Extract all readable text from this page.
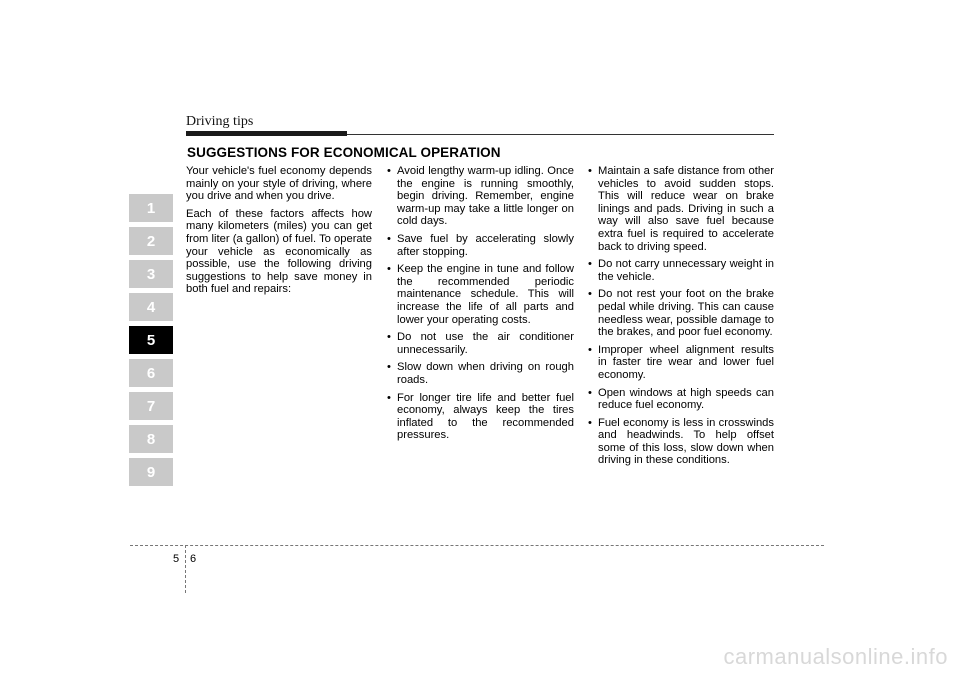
Driving tips
SUGGESTIONS FOR ECONOMICAL OPERATION
1
2
3
4
5
6
7
8
9

Your vehicle's fuel economy depends mainly on your style of driving, where you drive and when you drive.

Each of these factors affects how many kilometers (miles) you can get from liter (a gallon) of fuel. To operate your vehicle as economically as possible, use the following driving suggestions to help save money in both fuel and repairs:

• Avoid lengthy warm-up idling. Once the engine is running smoothly, begin driving. Remember, engine warm-up may take a little longer on cold days.
• Save fuel by accelerating slowly after stopping.
• Keep the engine in tune and follow the recommended periodic maintenance schedule. This will increase the life of all parts and lower your operating costs.
• Do not use the air conditioner unnecessarily.
• Slow down when driving on rough roads.
• For longer tire life and better fuel economy, always keep the tires inflated to the recommended pressures.
• Maintain a safe distance from other vehicles to avoid sudden stops. This will reduce wear on brake linings and pads. Driving in such a way will also save fuel because extra fuel is required to accelerate back to driving speed.
• Do not carry unnecessary weight in the vehicle.
• Do not rest your foot on the brake pedal while driving. This can cause needless wear, possible damage to the brakes, and poor fuel economy.
• Improper wheel alignment results in faster tire wear and lower fuel economy.
• Open windows at high speeds can reduce fuel economy.
• Fuel economy is less in crosswinds and headwinds. To help offset some of this loss, slow down when driving in these conditions.
5 6
carmanualsonline.info
